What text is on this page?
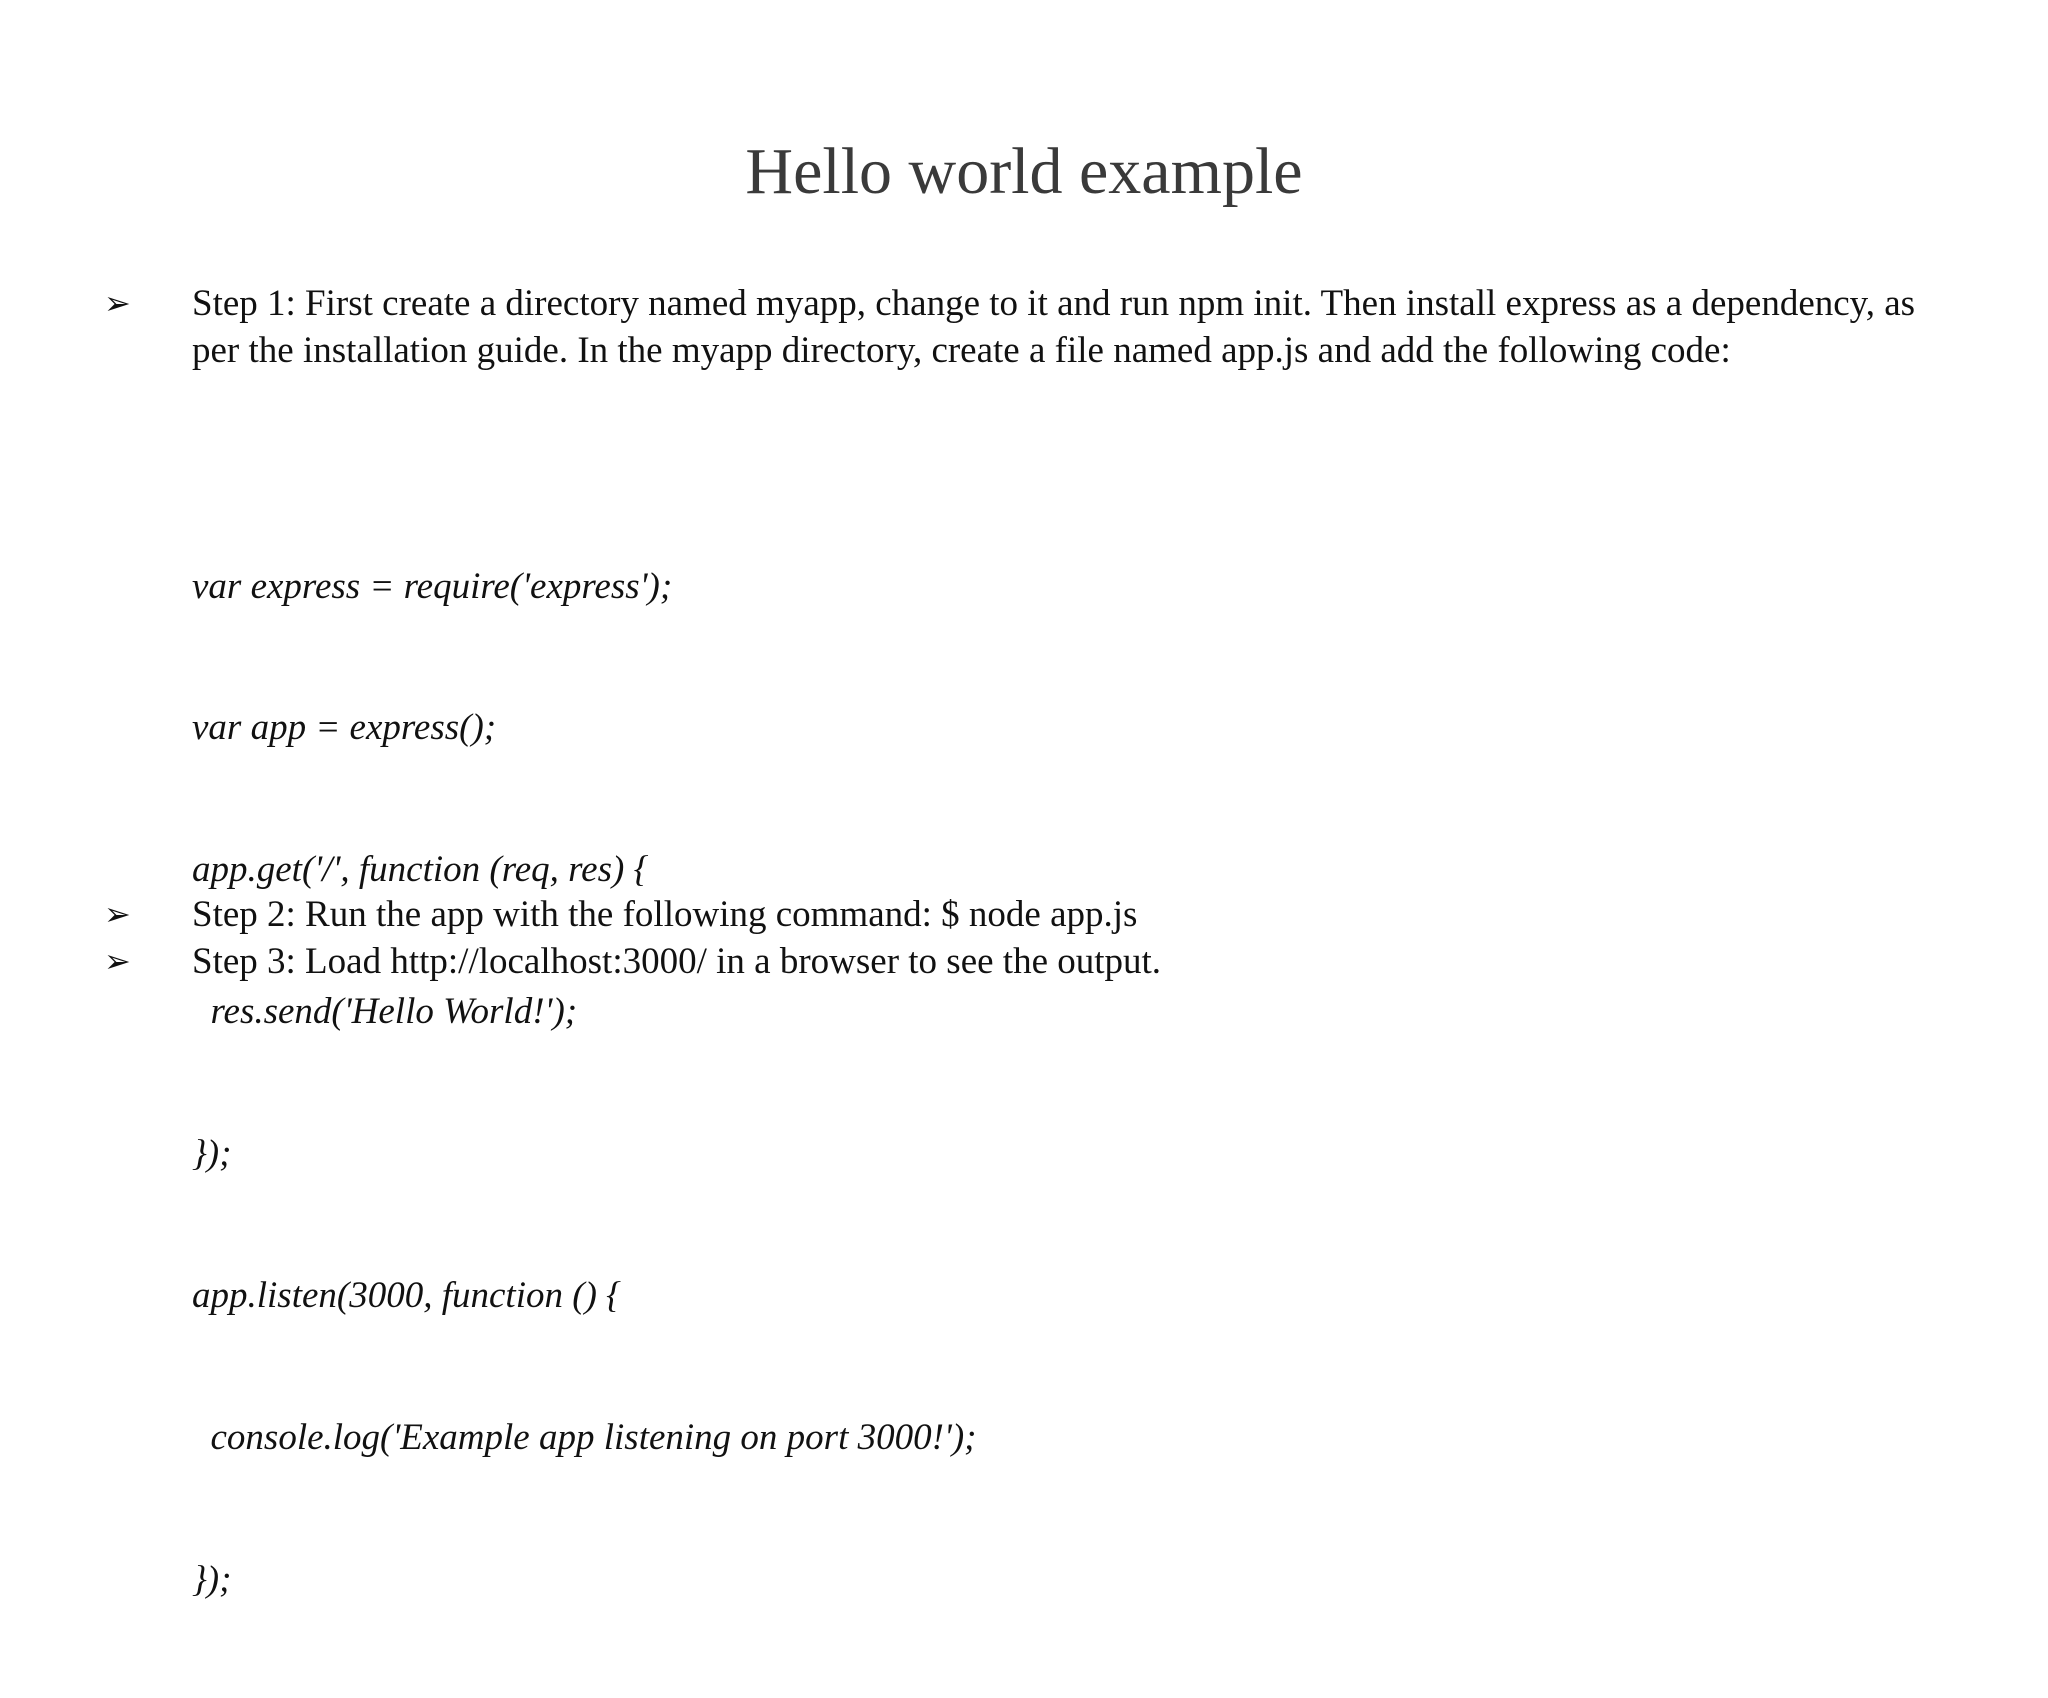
Hello world example
➢	Step 1: First create a directory named myapp, change to it and run npm init. Then install express as a dependency, as per the installation guide. In the myapp directory, create a file named app.js and add the following code:

var express = require('express');

var app = express();

app.get('/', function (req, res) {

res.send('Hello World!');

});

app.listen(3000, function () {

console.log('Example app listening on port 3000!');

});

➢	Step 2: Run the app with the following command: $ node app.js
➢	Step 3: Load http://localhost:3000/ in a browser to see the output.
